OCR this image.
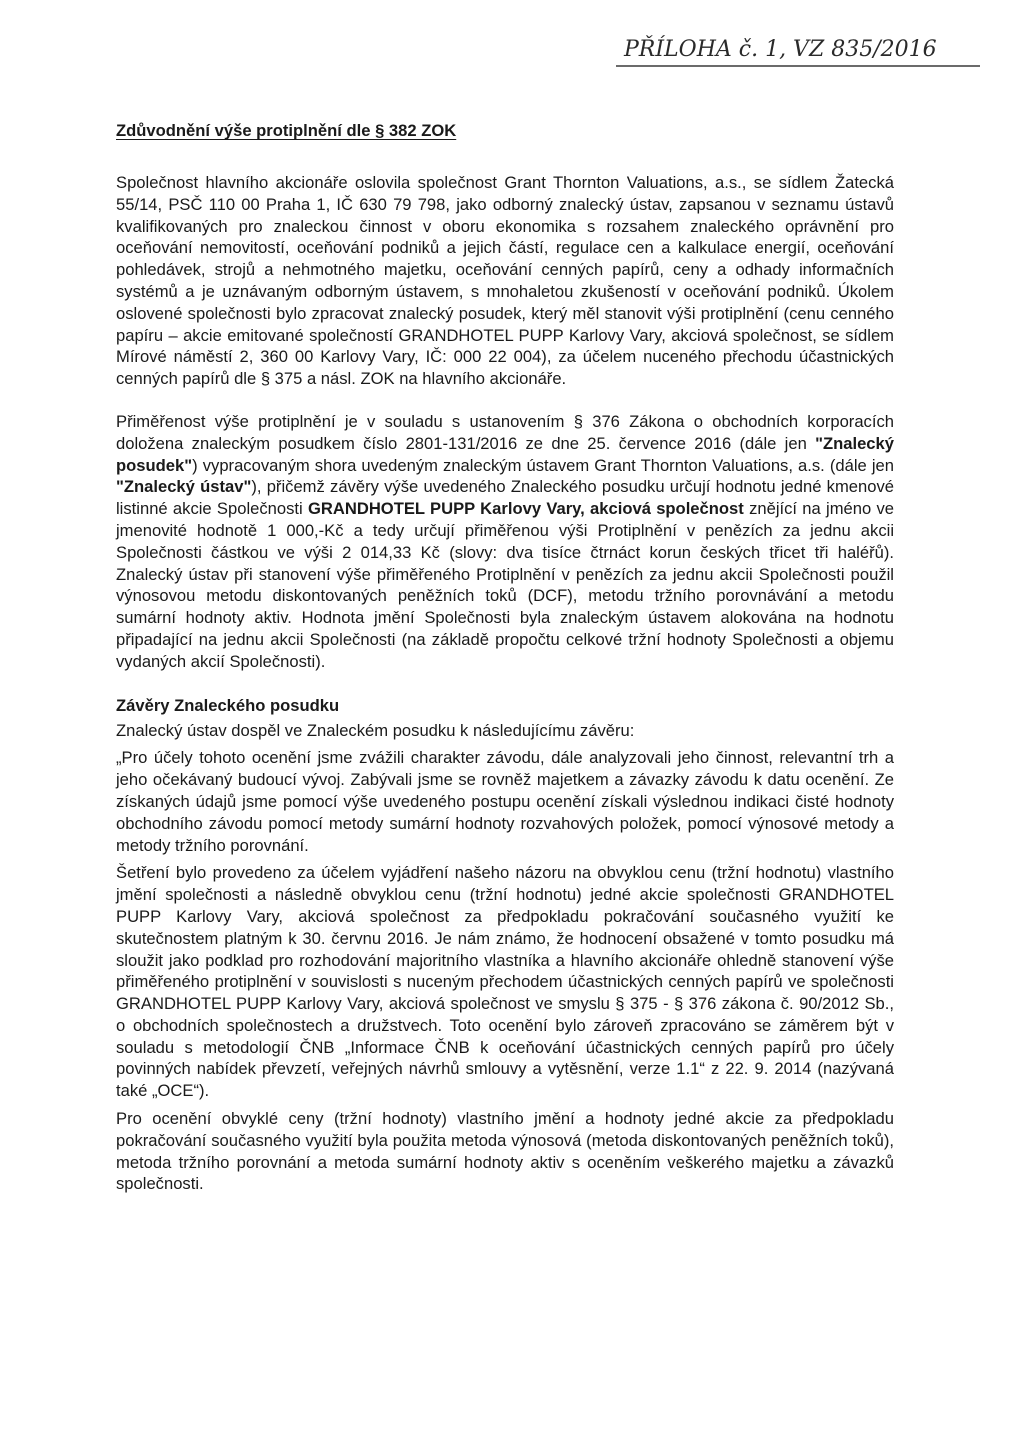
PŘÍLOHA č. 1, VZ 835/2016
Zdůvodnění výše protiplnění dle § 382 ZOK

Společnost hlavního akcionáře oslovila společnost Grant Thornton Valuations, a.s., se sídlem Žatecká 55/14, PSČ 110 00 Praha 1, IČ 630 79 798, jako odborný znalecký ústav, zapsanou v seznamu ústavů kvalifikovaných pro znaleckou činnost v oboru ekonomika s rozsahem znaleckého oprávnění pro oceňování nemovitostí, oceňování podniků a jejich částí, regulace cen a kalkulace energií, oceňování pohledávek, strojů a nehmotného majetku, oceňování cenných papírů, ceny a odhady informačních systémů a je uznávaným odborným ústavem, s mnohaletou zkušeností v oceňování podniků. Úkolem oslovené společnosti bylo zpracovat znalecký posudek, který měl stanovit výši protiplnění (cenu cenného papíru – akcie emitované společností GRANDHOTEL PUPP Karlovy Vary, akciová společnost, se sídlem Mírové náměstí 2, 360 00 Karlovy Vary, IČ: 000 22 004), za účelem nuceného přechodu účastnických cenných papírů dle § 375 a násl. ZOK na hlavního akcionáře.

Přiměřenost výše protiplnění je v souladu s ustanovením § 376 Zákona o obchodních korporacích doložena znaleckým posudkem číslo 2801-131/2016 ze dne 25. července 2016 (dále jen "Znalecký posudek") vypracovaným shora uvedeným znaleckým ústavem Grant Thornton Valuations, a.s. (dále jen "Znalecký ústav"), přičemž závěry výše uvedeného Znaleckého posudku určují hodnotu jedné kmenové listinné akcie Společnosti GRANDHOTEL PUPP Karlovy Vary, akciová společnost znějící na jméno ve jmenovité hodnotě 1 000,-Kč a tedy určují přiměřenou výši Protiplnění v penězích za jednu akcii Společnosti částkou ve výši 2 014,33 Kč (slovy: dva tisíce čtrnáct korun českých třicet tři haléřů). Znalecký ústav při stanovení výše přiměřeného Protiplnění v penězích za jednu akcii Společnosti použil výnosovou metodu diskontovaných peněžních toků (DCF), metodu tržního porovnávání a metodu sumární hodnoty aktiv. Hodnota jmění Společnosti byla znaleckým ústavem alokována na hodnotu připadající na jednu akcii Společnosti (na základě propočtu celkové tržní hodnoty Společnosti a objemu vydaných akcií Společnosti).

Závěry Znaleckého posudku

Znalecký ústav dospěl ve Znaleckém posudku k následujícímu závěru:

„Pro účely tohoto ocenění jsme zvážili charakter závodu, dále analyzovali jeho činnost, relevantní trh a jeho očekávaný budoucí vývoj. Zabývali jsme se rovněž majetkem a závazky závodu k datu ocenění. Ze získaných údajů jsme pomocí výše uvedeného postupu ocenění získali výslednou indikaci čisté hodnoty obchodního závodu pomocí metody sumární hodnoty rozvahových položek, pomocí výnosové metody a metody tržního porovnání.

Šetření bylo provedeno za účelem vyjádření našeho názoru na obvyklou cenu (tržní hodnotu) vlastního jmění společnosti a následně obvyklou cenu (tržní hodnotu) jedné akcie společnosti GRANDHOTEL PUPP Karlovy Vary, akciová společnost za předpokladu pokračování současného využití ke skutečnostem platným k 30. červnu 2016. Je nám známo, že hodnocení obsažené v tomto posudku má sloužit jako podklad pro rozhodování majoritního vlastníka a hlavního akcionáře ohledně stanovení výše přiměřeného protiplnění v souvislosti s nuceným přechodem účastnických cenných papírů ve společnosti GRANDHOTEL PUPP Karlovy Vary, akciová společnost ve smyslu § 375 - § 376 zákona č. 90/2012 Sb., o obchodních společnostech a družstvech. Toto ocenění bylo zároveň zpracováno se záměrem být v souladu s metodologií ČNB „Informace ČNB k oceňování účastnických cenných papírů pro účely povinných nabídek převzetí, veřejných návrhů smlouvy a vytěsnění, verze 1.1“ z 22. 9. 2014 (nazývaná také „OCE“).

Pro ocenění obvyklé ceny (tržní hodnoty) vlastního jmění a hodnoty jedné akcie za předpokladu pokračování současného využití byla použita metoda výnosová (metoda diskontovaných peněžních toků), metoda tržního porovnání a metoda sumární hodnoty aktiv s oceněním veškerého majetku a závazků společnosti.
